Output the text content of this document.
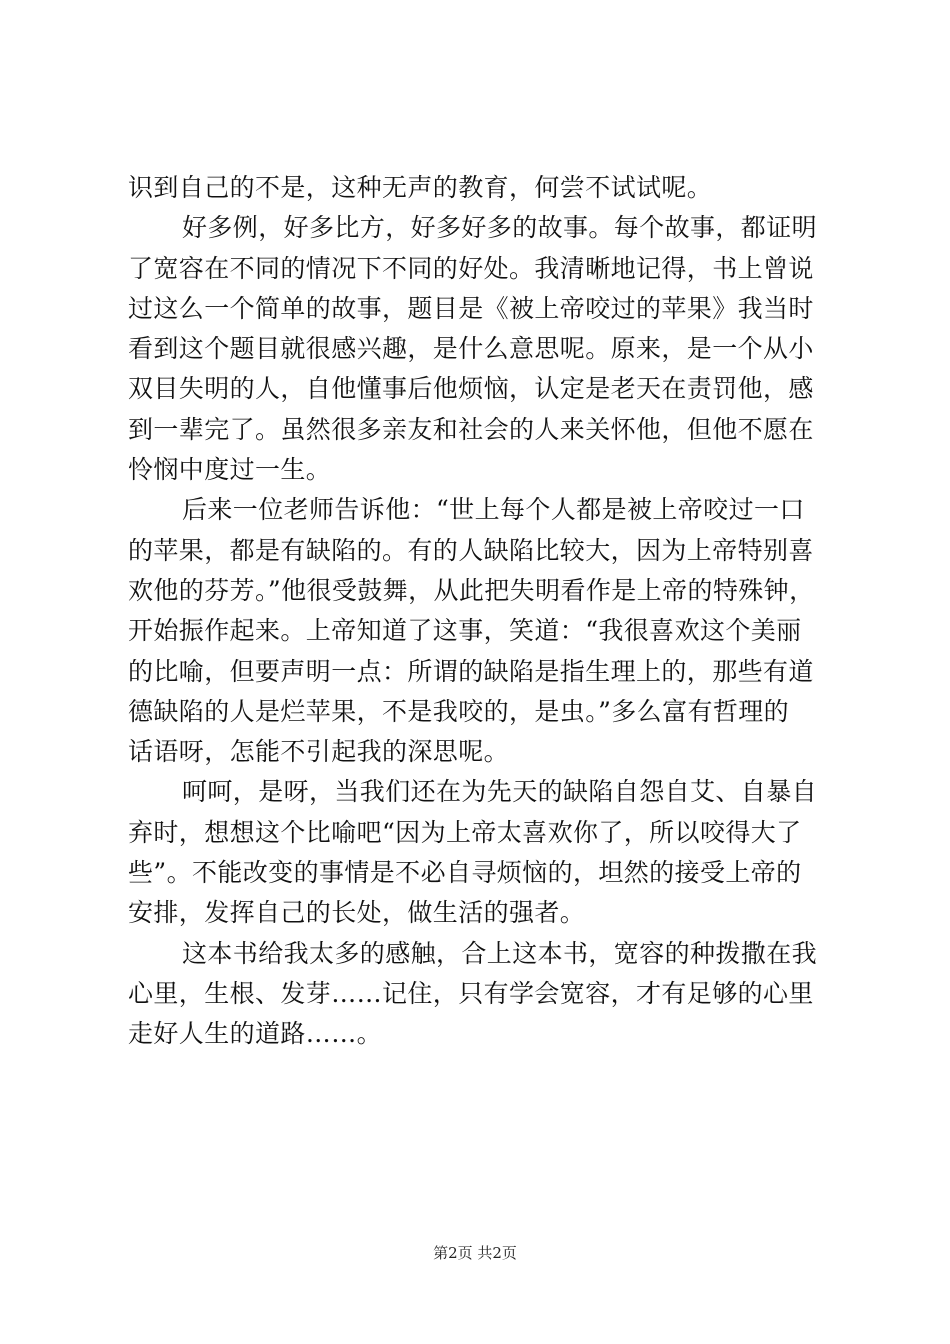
识到自己的不是，这种无声的教育，何尝不试试呢。
好多例，好多比方，好多好多的故事。每个故事，都证明
了宽容在不同的情况下不同的好处。我清晰地记得，书上曾说
过这么一个简单的故事，题目是《被上帝咬过的苹果》我当时
看到这个题目就很感兴趣，是什么意思呢。原来，是一个从小
双目失明的人，自他懂事后他烦恼，认定是老天在责罚他，感
到一辈完了。虽然很多亲友和社会的人来关怀他，但他不愿在
怜悯中度过一生。
后来一位老师告诉他：“世上每个人都是被上帝咬过一口
的苹果，都是有缺陷的。有的人缺陷比较大，因为上帝特别喜
欢他的芬芳。”他很受鼓舞，从此把失明看作是上帝的特殊钟，
开始振作起来。上帝知道了这事，笑道：“我很喜欢这个美丽
的比喻，但要声明一点：所谓的缺陷是指生理上的，那些有道
德缺陷的人是烂苹果，不是我咬的，是虫。”多么富有哲理的
话语呀，怎能不引起我的深思呢。
呵呵，是呀，当我们还在为先天的缺陷自怨自艾、自暴自
弃时，想想这个比喻吧“因为上帝太喜欢你了，所以咬得大了
些”。不能改变的事情是不必自寻烦恼的，坦然的接受上帝的
安排，发挥自己的长处，做生活的强者。
这本书给我太多的感触，合上这本书，宽容的种拨撒在我
心里，生根、发芽……记住，只有学会宽容，才有足够的心里
走好人生的道路……。
第2页 共2页
